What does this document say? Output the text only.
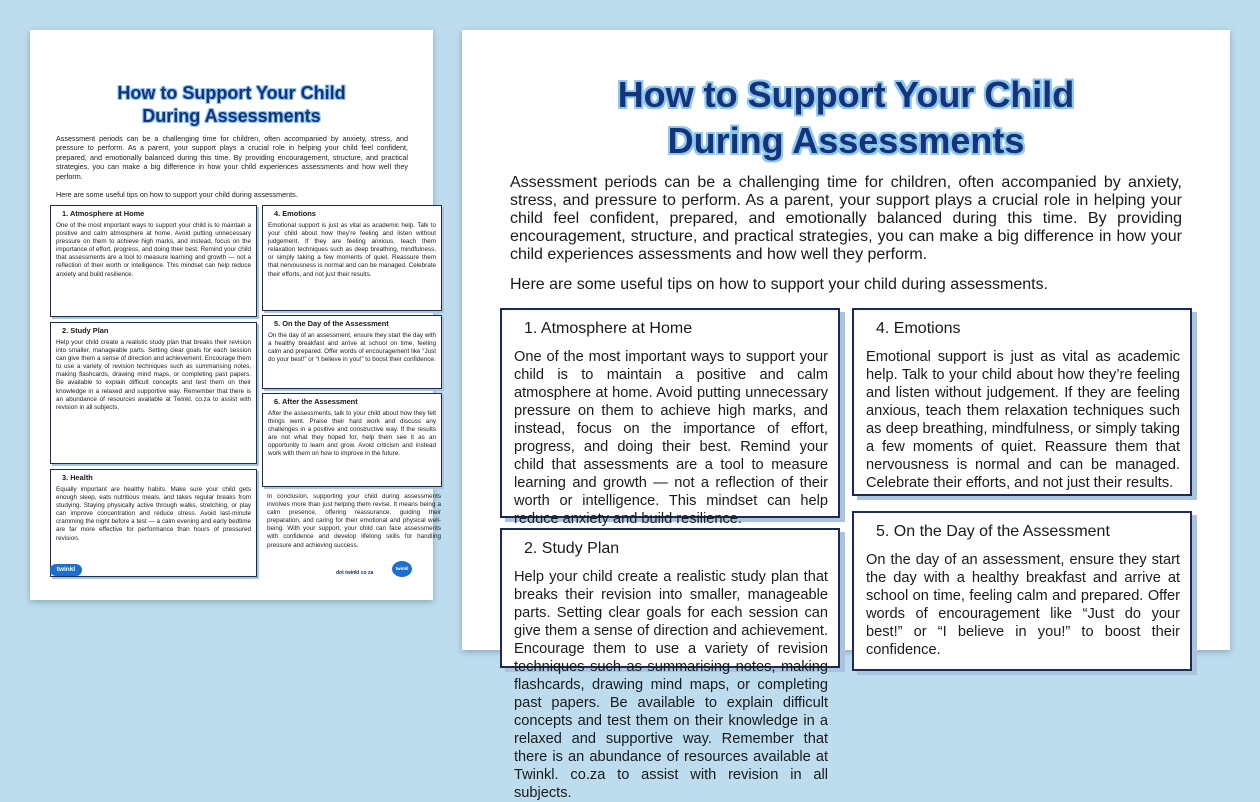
How to Support Your Child
During Assessments
Assessment periods can be a challenging time for children, often accompanied by anxiety, stress, and pressure to perform. As a parent, your support plays a crucial role in helping your child feel confident, prepared, and emotionally balanced during this time. By providing encouragement, structure, and practical strategies, you can make a big difference in how your child experiences assessments and how well they perform.
Here are some useful tips on how to support your child during assessments.
1. Atmosphere at Home
One of the most important ways to support your child is to maintain a positive and calm atmosphere at home. Avoid putting unnecessary pressure on them to achieve high marks, and instead, focus on the importance of effort, progress, and doing their best. Remind your child that assessments are a tool to measure learning and growth — not a reflection of their worth or intelligence. This mindset can help reduce anxiety and build resilience.
2. Study Plan
Help your child create a realistic study plan that breaks their revision into smaller, manageable parts. Setting clear goals for each session can give them a sense of direction and achievement. Encourage them to use a variety of revision techniques such as summarising notes, making flashcards, drawing mind maps, or completing past papers. Be available to explain difficult concepts and test them on their knowledge in a relaxed and supportive way. Remember that there is an abundance of resources available at Twinkl. co.za to assist with revision in all subjects.
3. Health
Equally important are healthy habits. Make sure your child gets enough sleep, eats nutritious meals, and takes regular breaks from studying. Staying physically active through walks, stretching, or play can improve concentration and reduce stress. Avoid last-minute cramming the night before a test — a calm evening and early bedtime are far more effective for performance than hours of pressured revision.
4. Emotions
Emotional support is just as vital as academic help. Talk to your child about how they’re feeling and listen without judgement. If they are feeling anxious, teach them relaxation techniques such as deep breathing, mindfulness, or simply taking a few moments of quiet. Reassure them that nervousness is normal and can be managed. Celebrate their efforts, and not just their results.
5. On the Day of the Assessment
On the day of an assessment, ensure they start the day with a healthy breakfast and arrive at school on time, feeling calm and prepared. Offer words of encouragement like “Just do your best!” or “I believe in you!” to boost their confidence.
6. After the Assessment
After the assessments, talk to your child about how they felt things went. Praise their hard work and discuss any challenges in a positive and constructive way. If the results are not what they hoped for, help them see it as an opportunity to learn and grow. Avoid criticism and instead work with them on how to improve in the future.
In conclusion, supporting your child during assessments involves more than just helping them revise. It means being a calm presence, offering reassurance, guiding their preparation, and caring for their emotional and physical well-being. With your support, your child can face assessments with confidence and develop lifelong skills for handling pressure and achieving success.
twinkl	dot twinkl co za
twinkl
How to Support Your Child
During Assessments
Assessment periods can be a challenging time for children, often accompanied by anxiety, stress, and pressure to perform. As a parent, your support plays a crucial role in helping your child feel confident, prepared, and emotionally balanced during this time. By providing encouragement, structure, and practical strategies, you can make a big difference in how your child experiences assessments and how well they perform.
Here are some useful tips on how to support your child during assessments.
1. Atmosphere at Home
One of the most important ways to support your child is to maintain a positive and calm atmosphere at home. Avoid putting unnecessary pressure on them to achieve high marks, and instead, focus on the importance of effort, progress, and doing their best. Remind your child that assessments are a tool to measure learning and growth — not a reflection of their worth or intelligence. This mindset can help reduce anxiety and build resilience.
2. Study Plan
Help your child create a realistic study plan that breaks their revision into smaller, manageable parts. Setting clear goals for each session can give them a sense of direction and achievement. Encourage them to use a variety of revision techniques such as summarising notes, making flashcards, drawing mind maps, or completing past papers. Be available to explain difficult concepts and test them on their knowledge in a relaxed and supportive way. Remember that there is an abundance of resources available at Twinkl. co.za to assist with revision in all subjects.
4. Emotions
Emotional support is just as vital as academic help. Talk to your child about how they’re feeling and listen without judgement. If they are feeling anxious, teach them relaxation techniques such as deep breathing, mindfulness, or simply taking a few moments of quiet. Reassure them that nervousness is normal and can be managed. Celebrate their efforts, and not just their results.
5. On the Day of the Assessment
On the day of an assessment, ensure they start the day with a healthy breakfast and arrive at school on time, feeling calm and prepared. Offer words of encouragement like “Just do your best!” or “I believe in you!” to boost their confidence.
